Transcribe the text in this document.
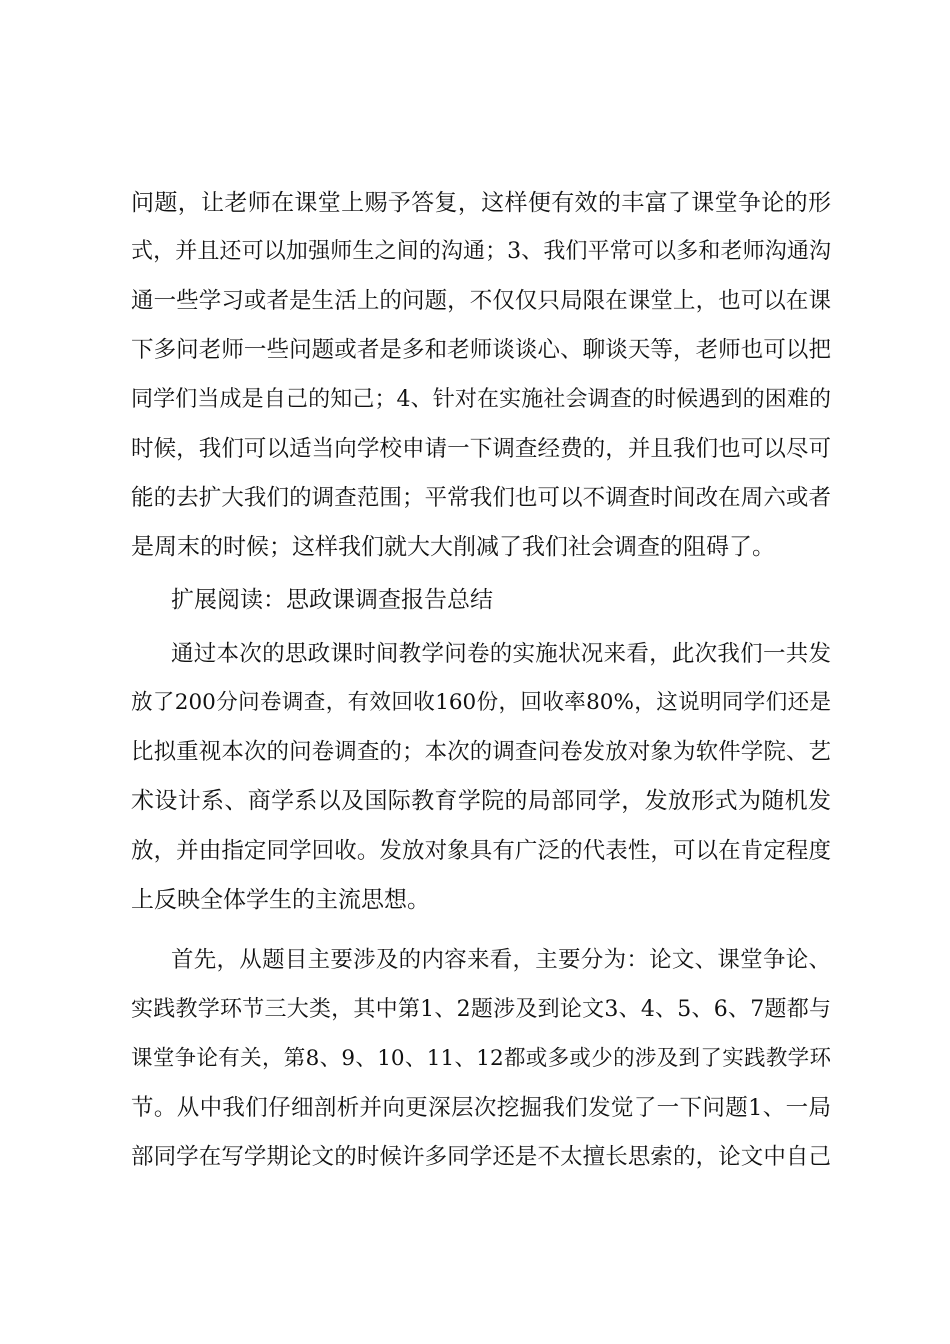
问题，让老师在课堂上赐予答复，这样便有效的丰富了课堂争论的形
式，并且还可以加强师生之间的沟通；3、我们平常可以多和老师沟通沟
通一些学习或者是生活上的问题，不仅仅只局限在课堂上，也可以在课
下多问老师一些问题或者是多和老师谈谈心、聊谈天等，老师也可以把
同学们当成是自己的知己；4、针对在实施社会调查的时候遇到的困难的
时候，我们可以适当向学校申请一下调查经费的，并且我们也可以尽可
能的去扩大我们的调查范围；平常我们也可以不调查时间改在周六或者
是周末的时候；这样我们就大大削减了我们社会调查的阻碍了。
扩展阅读：思政课调查报告总结
通过本次的思政课时间教学问卷的实施状况来看，此次我们一共发
放了200分问卷调查，有效回收160份，回收率80%，这说明同学们还是
比拟重视本次的问卷调查的；本次的调查问卷发放对象为软件学院、艺
术设计系、商学系以及国际教育学院的局部同学，发放形式为随机发
放，并由指定同学回收。发放对象具有广泛的代表性，可以在肯定程度
上反映全体学生的主流思想。
首先，从题目主要涉及的内容来看，主要分为：论文、课堂争论、
实践教学环节三大类，其中第1、2题涉及到论文3、4、5、6、7题都与
课堂争论有关，第8、9、10、11、12都或多或少的涉及到了实践教学环
节。从中我们仔细剖析并向更深层次挖掘我们发觉了一下问题1、一局
部同学在写学期论文的时候许多同学还是不太擅长思索的，论文中自己
